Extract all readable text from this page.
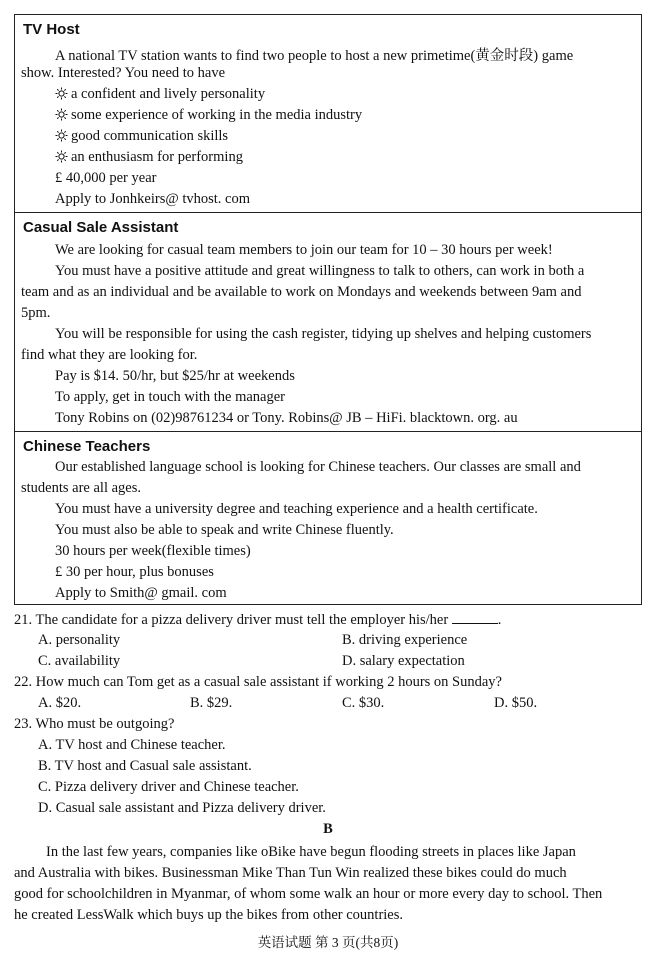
TV Host
A national TV station wants to find two people to host a new primetime(黄金时段) game
show. Interested? You need to have
a confident and lively personality
some experience of working in the media industry
good communication skills
an enthusiasm for performing
£ 40,000 per year
Apply to Jonhkeirs@ tvhost. com
Casual Sale Assistant
We are looking for casual team members to join our team for 10 – 30 hours per week!
You must have a positive attitude and great willingness to talk to others, can work in both a
team and as an individual and be available to work on Mondays and weekends between 9am and
5pm.
You will be responsible for using the cash register, tidying up shelves and helping customers
find what they are looking for.
Pay is $14. 50/hr, but $25/hr at weekends
To apply, get in touch with the manager
Tony Robins on (02)98761234 or Tony. Robins@ JB – HiFi. blacktown. org. au
Chinese Teachers
Our established language school is looking for Chinese teachers. Our classes are small and
students are all ages.
You must have a university degree and teaching experience and a health certificate.
You must also be able to speak and write Chinese fluently.
30 hours per week(flexible times)
£ 30 per hour, plus bonuses
Apply to Smith@ gmail. com
21. The candidate for a pizza delivery driver must tell the employer his/her	.
A. personality	B. driving experience
C. availability	D. salary expectation
22. How much can Tom get as a casual sale assistant if working 2 hours on Sunday?
A. $20.	B. $29.	C. $30.	D. $50.
23. Who must be outgoing?
A. TV host and Chinese teacher.
B. TV host and Casual sale assistant.
C. Pizza delivery driver and Chinese teacher.
D. Casual sale assistant and Pizza delivery driver.
B
In the last few years, companies like oBike have begun flooding streets in places like Japan
and Australia with bikes. Businessman Mike Than Tun Win realized these bikes could do much
good for schoolchildren in Myanmar, of whom some walk an hour or more every day to school. Then
he created LessWalk which buys up the bikes from other countries.
英语试题 第 3 页(共8页)
